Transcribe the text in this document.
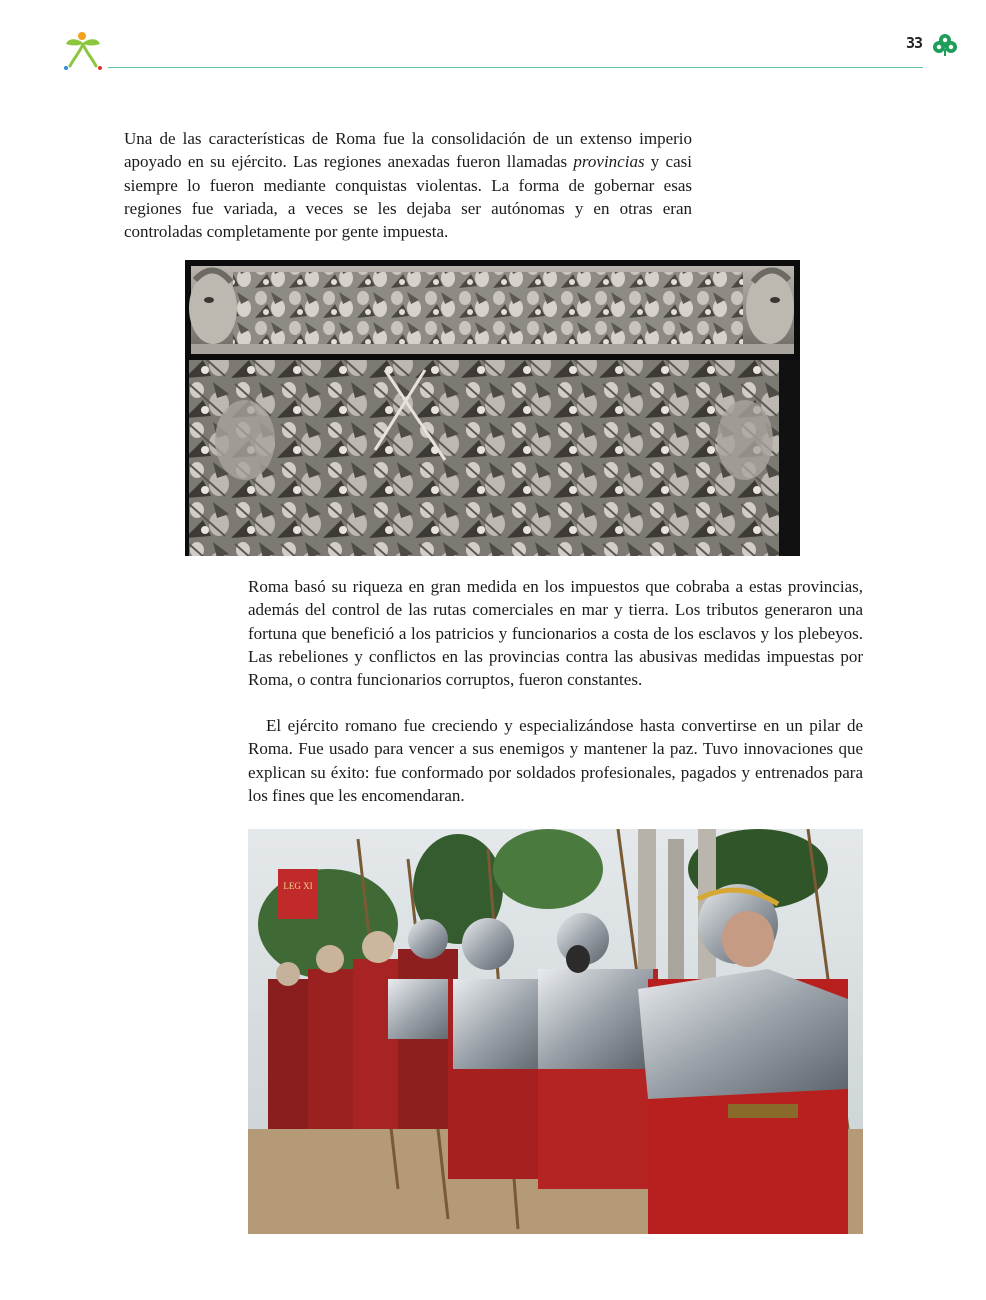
33

Una de las características de Roma fue la consolidación de un extenso imperio apoyado en su ejército. Las regiones anexadas fueron llamadas provincias y casi siempre lo fueron mediante conquistas violentas. La forma de gobernar esas regiones fue variada, a veces se les dejaba ser autónomas y en otras eran controladas completamente por gente impuesta.

Roma basó su riqueza en gran medida en los impuestos que cobraba a estas provincias, además del control de las rutas comerciales en mar y tierra. Los tributos generaron una fortuna que benefició a los patricios y funcionarios a costa de los esclavos y los plebeyos. Las rebeliones y conflictos en las provincias contra las abusivas medidas impuestas por Roma, o contra funcionarios corruptos, fueron constantes.

El ejército romano fue creciendo y especializándose hasta convertirse en un pilar de Roma. Fue usado para vencer a sus enemigos y mantener la paz. Tuvo innovaciones que explican su éxito: fue conformado por soldados profesionales, pagados y entrenados para los fines que les encomendaran.

LEG XI
